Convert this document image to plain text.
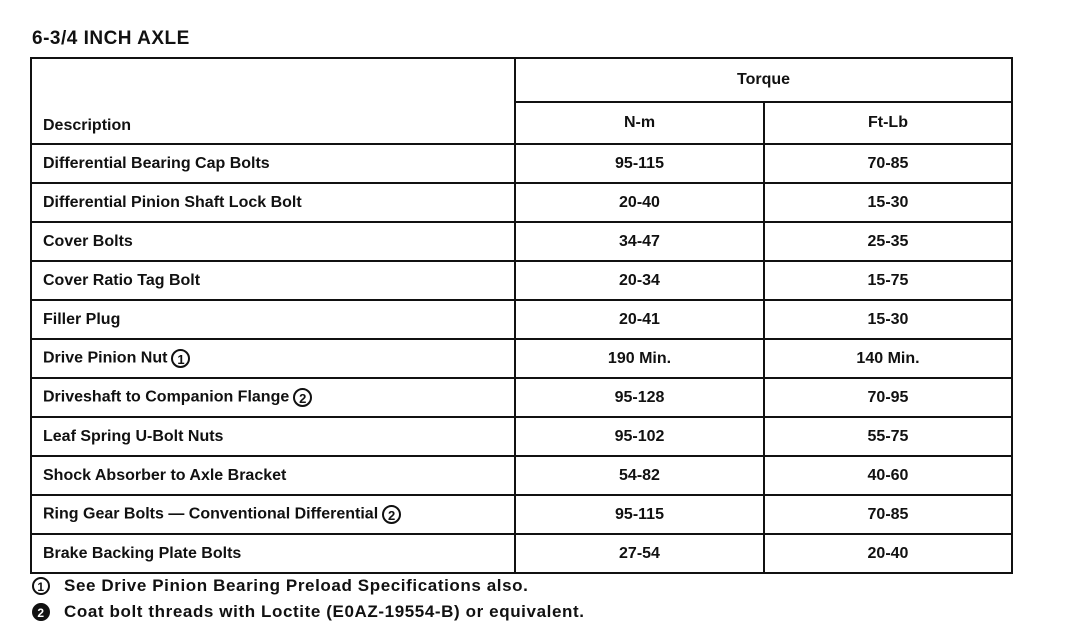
6-3/4 INCH AXLE
Description	Torque	
	N-m	Ft-Lb
Differential Bearing Cap Bolts	95-115	70-85
Differential Pinion Shaft Lock Bolt	20-40	15-30
Cover Bolts	34-47	25-35
Cover Ratio Tag Bolt	20-34	15-75
Filler Plug	20-41	15-30
Drive Pinion Nut 1	190 Min.	140 Min.
Driveshaft to Companion Flange 2	95-128	70-95
Leaf Spring U-Bolt Nuts	95-102	55-75
Shock Absorber to Axle Bracket	54-82	40-60
Ring Gear Bolts — Conventional Differential 2	95-115	70-85
Brake Backing Plate Bolts	27-54	20-40
1	See Drive Pinion Bearing Preload Specifications also.
2	Coat bolt threads with Loctite (E0AZ-19554-B) or equivalent.
